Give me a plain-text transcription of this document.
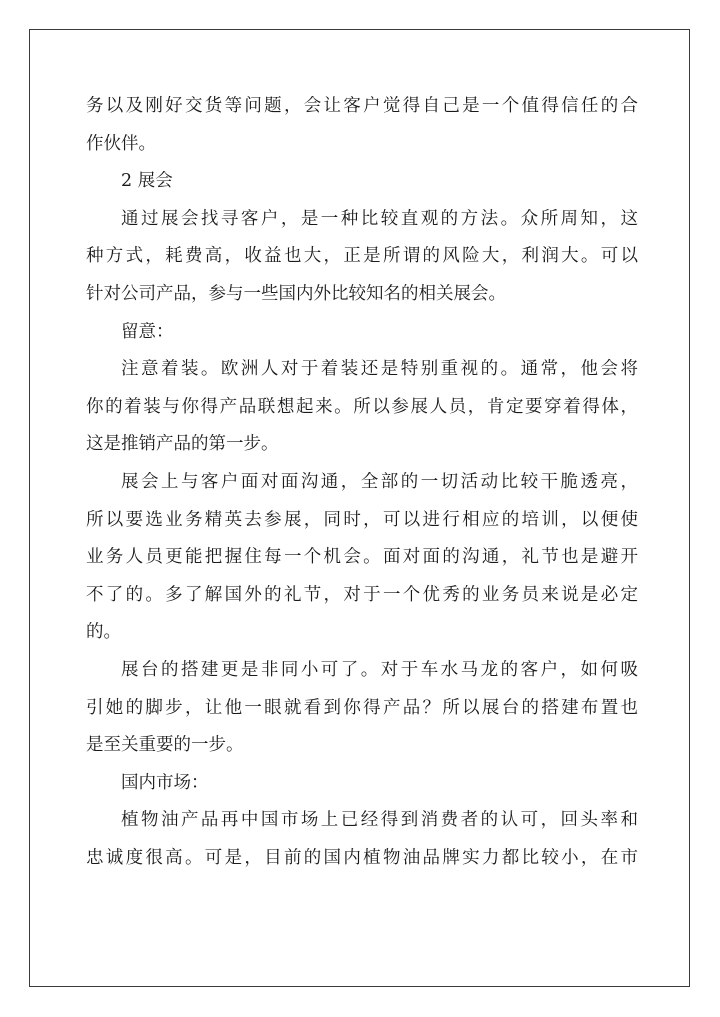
务以及刚好交货等问题，会让客户觉得自己是一个值得信任的合
作伙伴。
2 展会
通过展会找寻客户，是一种比较直观的方法。众所周知，这
种方式，耗费高，收益也大，正是所谓的风险大，利润大。可以
针对公司产品，参与一些国内外比较知名的相关展会。
留意：
注意着装。欧洲人对于着装还是特别重视的。通常，他会将
你的着装与你得产品联想起来。所以参展人员，肯定要穿着得体，
这是推销产品的第一步。
展会上与客户面对面沟通，全部的一切活动比较干脆透亮，
所以要选业务精英去参展，同时，可以进行相应的培训，以便使
业务人员更能把握住每一个机会。面对面的沟通，礼节也是避开
不了的。多了解国外的礼节，对于一个优秀的业务员来说是必定
的。
展台的搭建更是非同小可了。对于车水马龙的客户，如何吸
引她的脚步，让他一眼就看到你得产品？所以展台的搭建布置也
是至关重要的一步。
国内市场：
植物油产品再中国市场上已经得到消费者的认可，回头率和
忠诚度很高。可是，目前的国内植物油品牌实力都比较小，在市
